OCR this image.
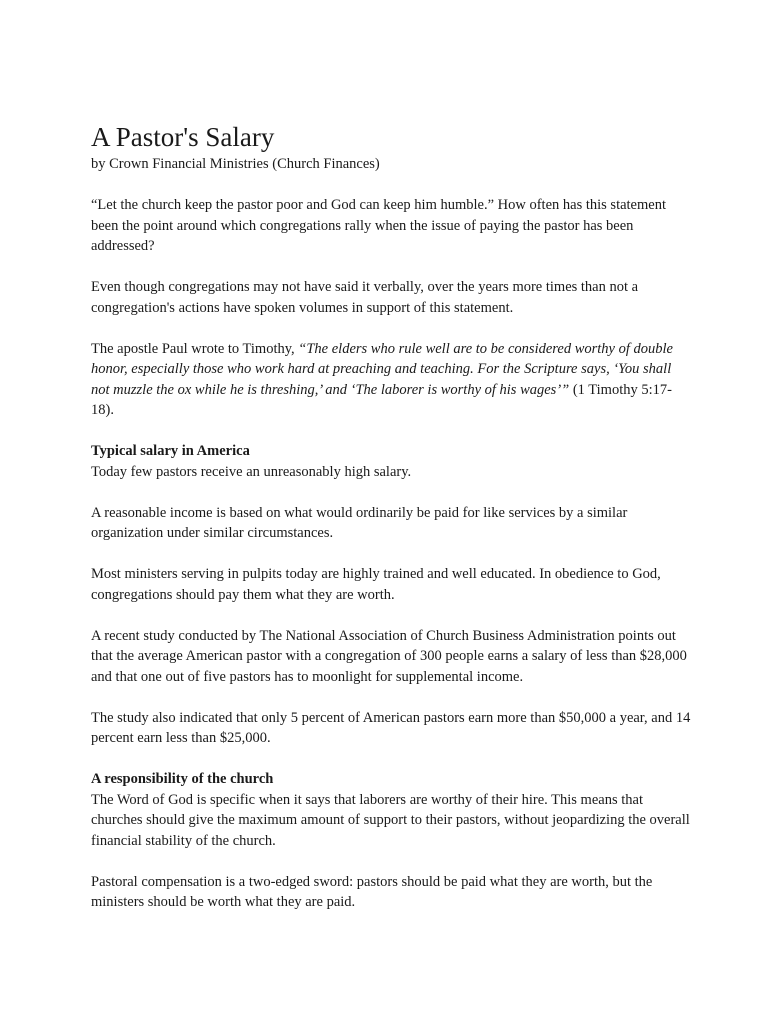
A Pastor's Salary
by Crown Financial Ministries (Church Finances)

“Let the church keep the pastor poor and God can keep him humble.” How often has this statement been the point around which congregations rally when the issue of paying the pastor has been addressed?

Even though congregations may not have said it verbally, over the years more times than not a congregation's actions have spoken volumes in support of this statement.

The apostle Paul wrote to Timothy, “The elders who rule well are to be considered worthy of double honor, especially those who work hard at preaching and teaching. For the Scripture says, ‘You shall not muzzle the ox while he is threshing,’ and ‘The laborer is worthy of his wages’” (1 Timothy 5:17-18).

Typical salary in America

Today few pastors receive an unreasonably high salary.

A reasonable income is based on what would ordinarily be paid for like services by a similar organization under similar circumstances.

Most ministers serving in pulpits today are highly trained and well educated. In obedience to God, congregations should pay them what they are worth.

A recent study conducted by The National Association of Church Business Administration points out that the average American pastor with a congregation of 300 people earns a salary of less than $28,000 and that one out of five pastors has to moonlight for supplemental income.

The study also indicated that only 5 percent of American pastors earn more than $50,000 a year, and 14 percent earn less than $25,000.

A responsibility of the church

The Word of God is specific when it says that laborers are worthy of their hire. This means that churches should give the maximum amount of support to their pastors, without jeopardizing the overall financial stability of the church.

Pastoral compensation is a two-edged sword: pastors should be paid what they are worth, but the ministers should be worth what they are paid.
